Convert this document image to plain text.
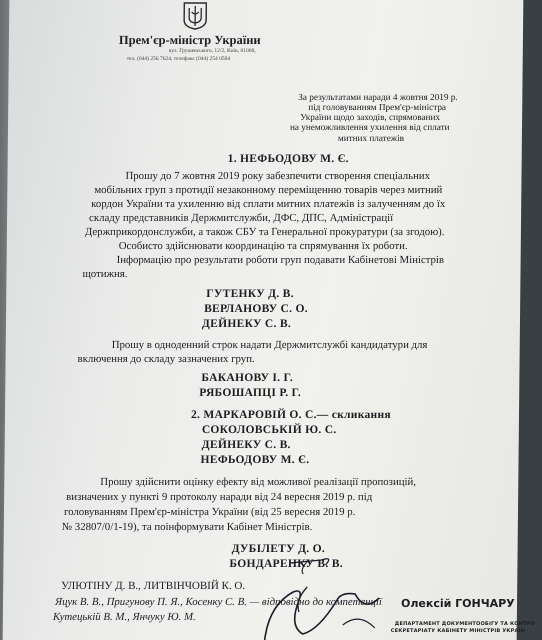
Прем'єр-міністр України
вул. Грушевського, 12/2, Київ, 01008,
тел. (044) 256 7624, телефакс (044) 254 0584
За результатами наради 4 жовтня 2019 р.
під головуванням Прем'єр-міністра
України щодо заходів, спрямованих
на унеможливлення ухилення від сплати
митних платежів
1. НЕФЬОДОВУ М. Є.
Прошу до 7 жовтня 2019 року забезпечити створення спеціальних
мобільних груп з протидії незаконному переміщенню товарів через митний
кордон України та ухиленню від сплати митних платежів із залученням до їх
складу представників Держмитслужби, ДФС, ДПС, Адміністрації
Держприкордонслужби, а також СБУ та Генеральної прокуратури (за згодою).
Особисто здійснювати координацію та спрямування їх роботи.
Інформацію про результати роботи груп подавати Кабінетові Міністрів
щотижня.
ГУТЕНКУ Д. В.
ВЕРЛАНОВУ С. О.
ДЕЙНЕКУ С. В.
Прошу в одноденний строк надати Держмитслужбі кандидатури для
включення до складу зазначених груп.
БАКАНОВУ І. Г.
РЯБОШАПЦІ Р. Г.
2. МАРКАРОВІЙ О. С.— скликання
СОКОЛОВСЬКІЙ Ю. С.
ДЕЙНЕКУ С. В.
НЕФЬОДОВУ М. Є.
Прошу здійснити оцінку ефекту від можливої реалізації пропозицій,
визначених у пункті 9 протоколу наради від 24 вересня 2019 р. під
головуванням Прем'єр-міністра України (від 25 вересня 2019 р.
№ 32807/0/1-19), та поінформувати Кабінет Міністрів.
ДУБІЛЕТУ Д. О.
БОНДАРЕНКУ В. В.
УЛЮТІНУ Д. В., ЛИТВІНЧОВІЙ К. О.
Яцук В. В., Пригунову П. Я., Косенку С. В. — відповідно до компетенції
Кутецькій В. М., Янчуку Ю. М.
Олексій ГОНЧАРУ
ДЕПАРТАМЕНТ ДОКУМЕНТООБІГУ ТА КОНТРО
СЕКРЕТАРІАТУ КАБІНЕТУ МІНІСТРІВ УКРАЇН
